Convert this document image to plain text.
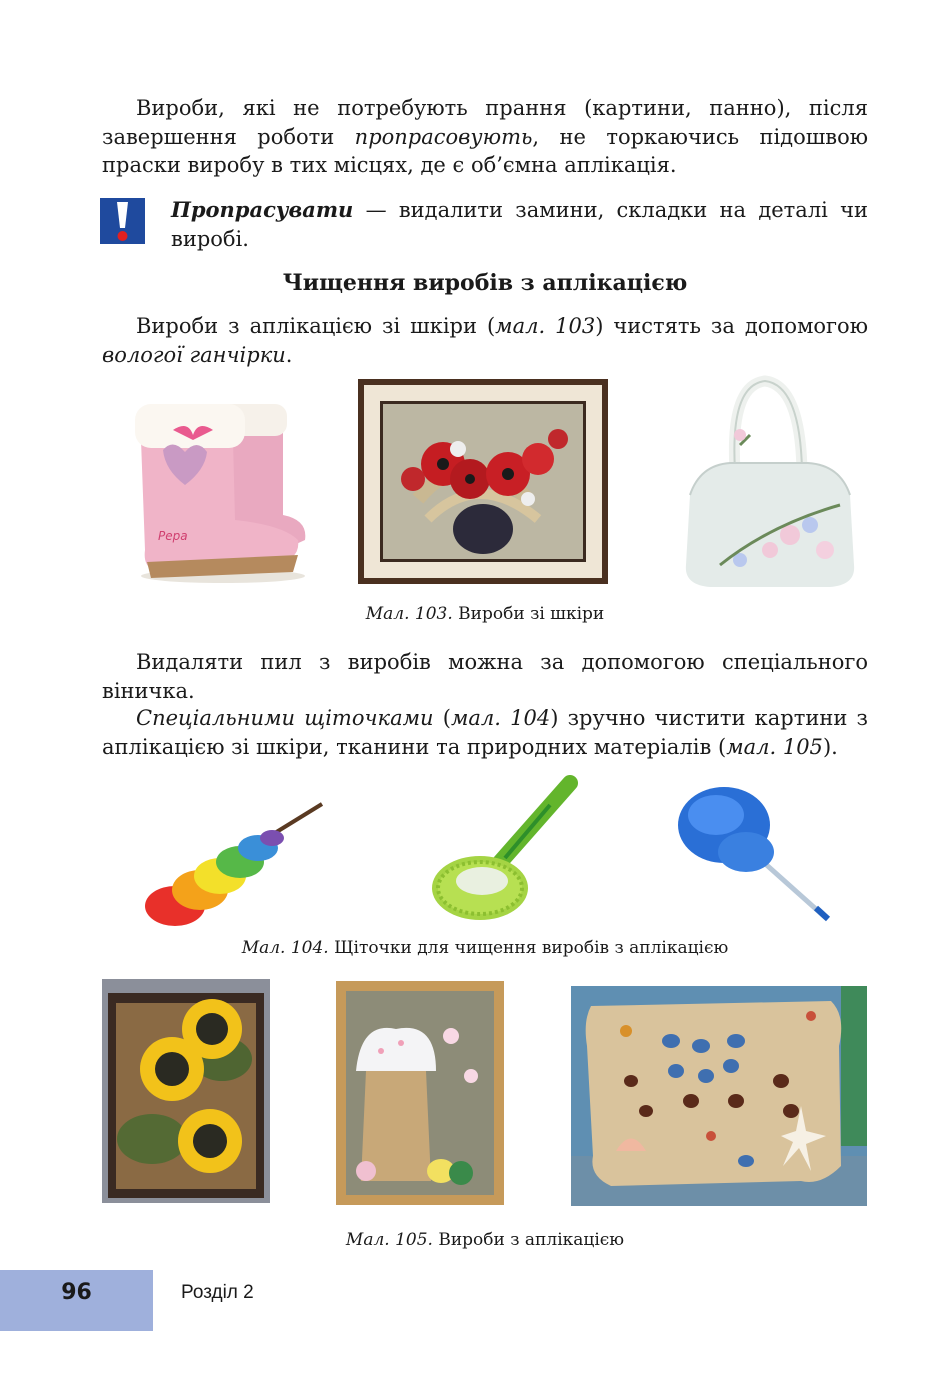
Вироби, які не потребують прання (картини, панно), після завершення роботи пропрасовують, не торкаючись підошвою праски виробу в тих місцях, де є об’ємна аплікація.
Пропрасувати — видалити замини, складки на деталі чи виробі.
Чищення виробів з аплікацією
Вироби з аплікацією зі шкіри (мал. 103) чистять за допомогою вологої ганчірки.
Pepa
Мал. 103. Вироби зі шкіри
Видаляти пил з виробів можна за допомогою спеціального віничка.
Спеціальними щіточками (мал. 104) зручно чистити картини з аплікацією зі шкіри, тканини та природних матеріалів (мал. 105).
Мал. 104. Щіточки для чищення виробів з аплікацією
Мал. 105. Вироби з аплікацією
96	Розділ 2
